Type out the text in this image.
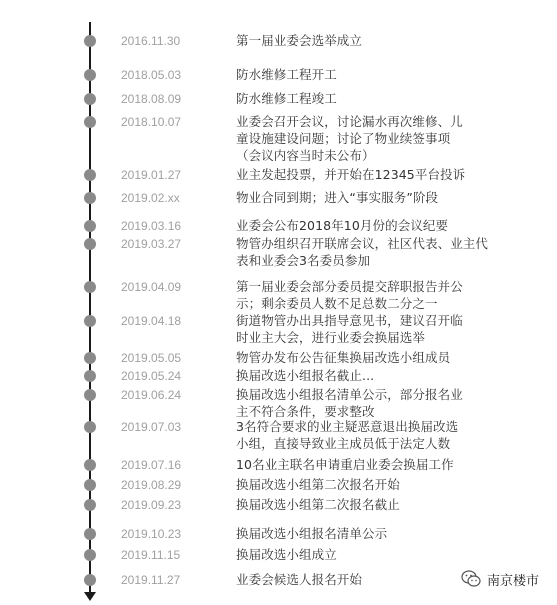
2016.11.30	第一届业委会选举成立
2018.05.03	防水维修工程开工
2018.08.09	防水维修工程竣工
2018.10.07	业委会召开会议，讨论漏水再次维修、儿
童设施建设问题；讨论了物业续签事项
（会议内容当时未公布）
2019.01.27	业主发起投票，并开始在12345平台投诉
2019.02.xx	物业合同到期；进入“事实服务”阶段
2019.03.16	业委会公布2018年10月份的会议纪要
2019.03.27	物管办组织召开联席会议，社区代表、业主代
表和业委会3名委员参加
2019.04.09	第一届业委会部分委员提交辞职报告并公
示；剩余委员人数不足总数二分之一
2019.04.18	街道物管办出具指导意见书，建议召开临
时业主大会，进行业委会换届选举
2019.05.05	物管办发布公告征集换届改选小组成员
2019.05.24	换届改选小组报名截止...
2019.06.24	换届改选小组报名清单公示，部分报名业
主不符合条件，要求整改
2019.07.03	3名符合要求的业主疑恶意退出换届改选
小组，直接导致业主成员低于法定人数
2019.07.16	10名业主联名申请重启业委会换届工作
2019.08.29	换届改选小组第二次报名开始
2019.09.23	换届改选小组第二次报名截止
2019.10.23	换届改选小组报名清单公示
2019.11.15	换届改选小组成立
2019.11.27	业委会候选人报名开始	南京楼市
